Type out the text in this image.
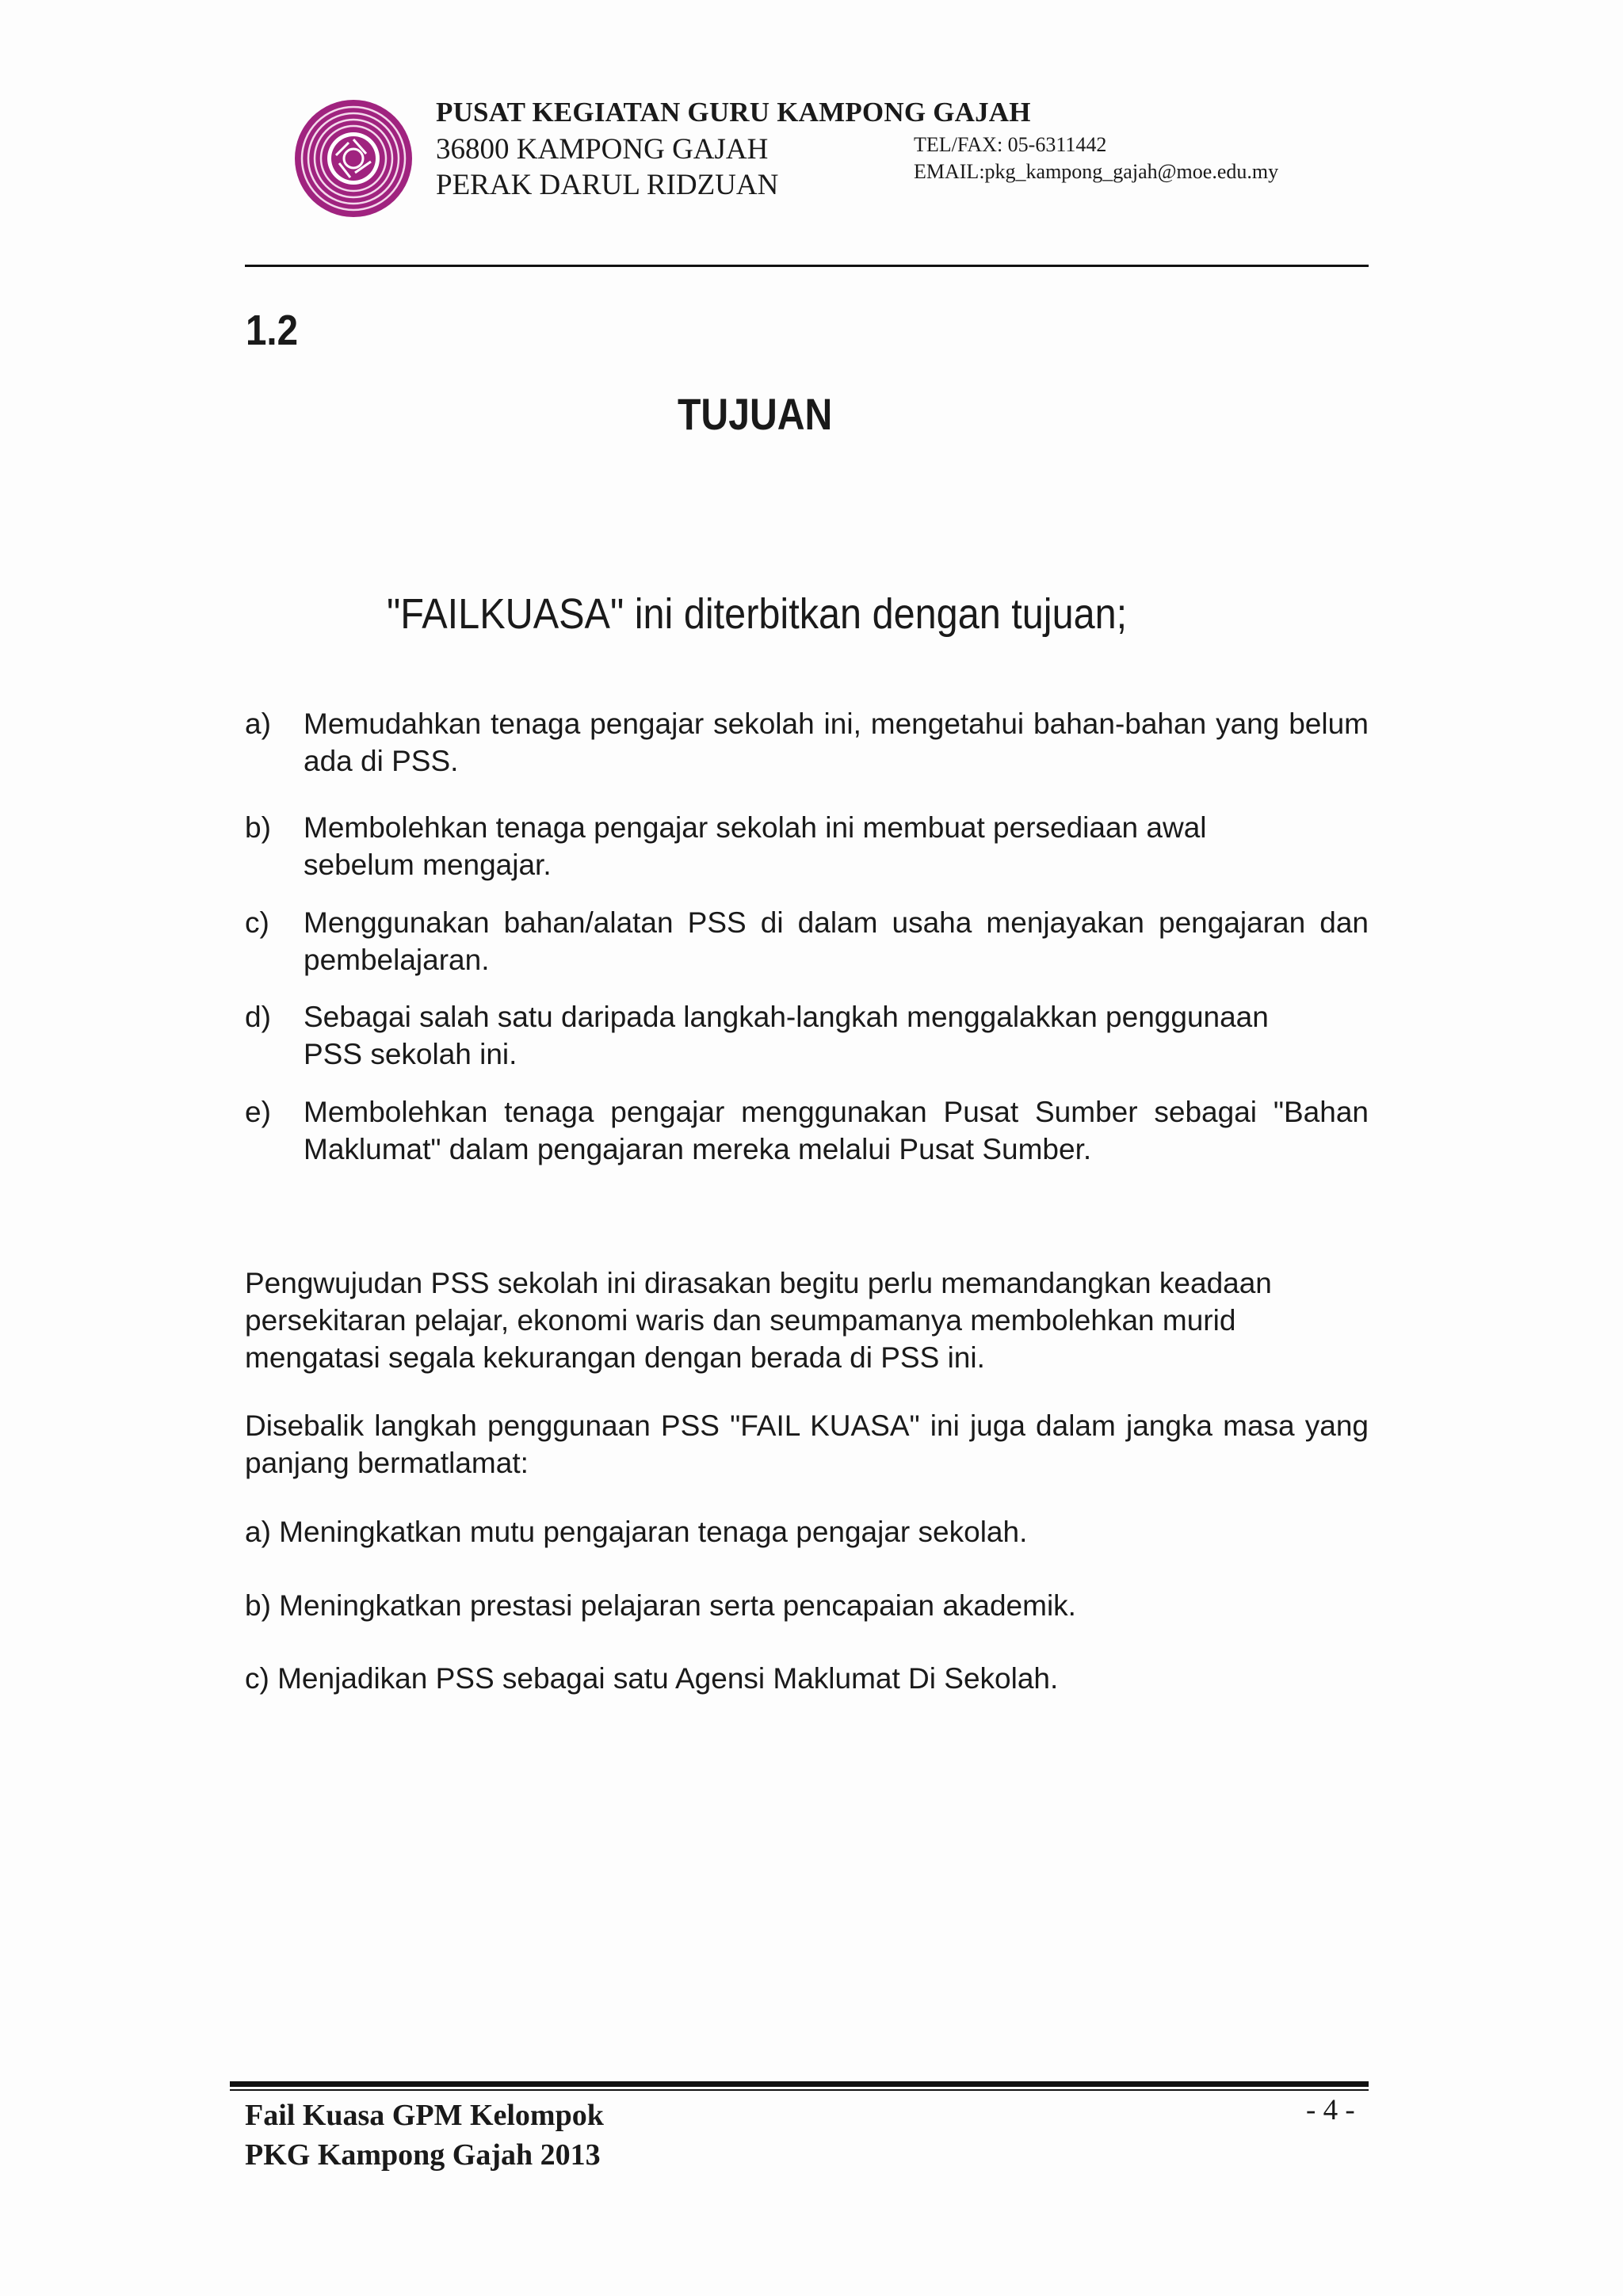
PUSAT KEGIATAN GURU KAMPONG GAJAH
36800 KAMPONG GAJAH
PERAK DARUL RIDZUAN
TEL/FAX: 05-6311442
EMAIL:pkg_kampong_gajah@moe.edu.my
1.2
TUJUAN
"FAILKUASA" ini diterbitkan dengan tujuan;
a) Memudahkan tenaga pengajar sekolah ini, mengetahui bahan-bahan yang belum ada di PSS.
b) Membolehkan tenaga pengajar sekolah ini membuat persediaan awal sebelum mengajar.
c) Menggunakan bahan/alatan PSS di dalam usaha menjayakan pengajaran dan pembelajaran.
d) Sebagai salah satu daripada langkah-langkah menggalakkan penggunaan PSS sekolah ini.
e) Membolehkan tenaga pengajar menggunakan Pusat Sumber sebagai "Bahan Maklumat" dalam pengajaran mereka melalui Pusat Sumber.
Pengwujudan PSS sekolah ini dirasakan begitu perlu memandangkan keadaan persekitaran pelajar, ekonomi waris dan seumpamanya membolehkan murid mengatasi segala kekurangan dengan berada di PSS ini.
Disebalik langkah penggunaan PSS "FAIL KUASA" ini juga dalam jangka masa yang panjang bermatlamat:
a) Meningkatkan mutu pengajaran tenaga pengajar sekolah.
b) Meningkatkan prestasi pelajaran serta pencapaian akademik.
c) Menjadikan PSS sebagai satu Agensi Maklumat Di Sekolah.
Fail Kuasa GPM Kelompok
PKG Kampong Gajah 2013
- 4 -
